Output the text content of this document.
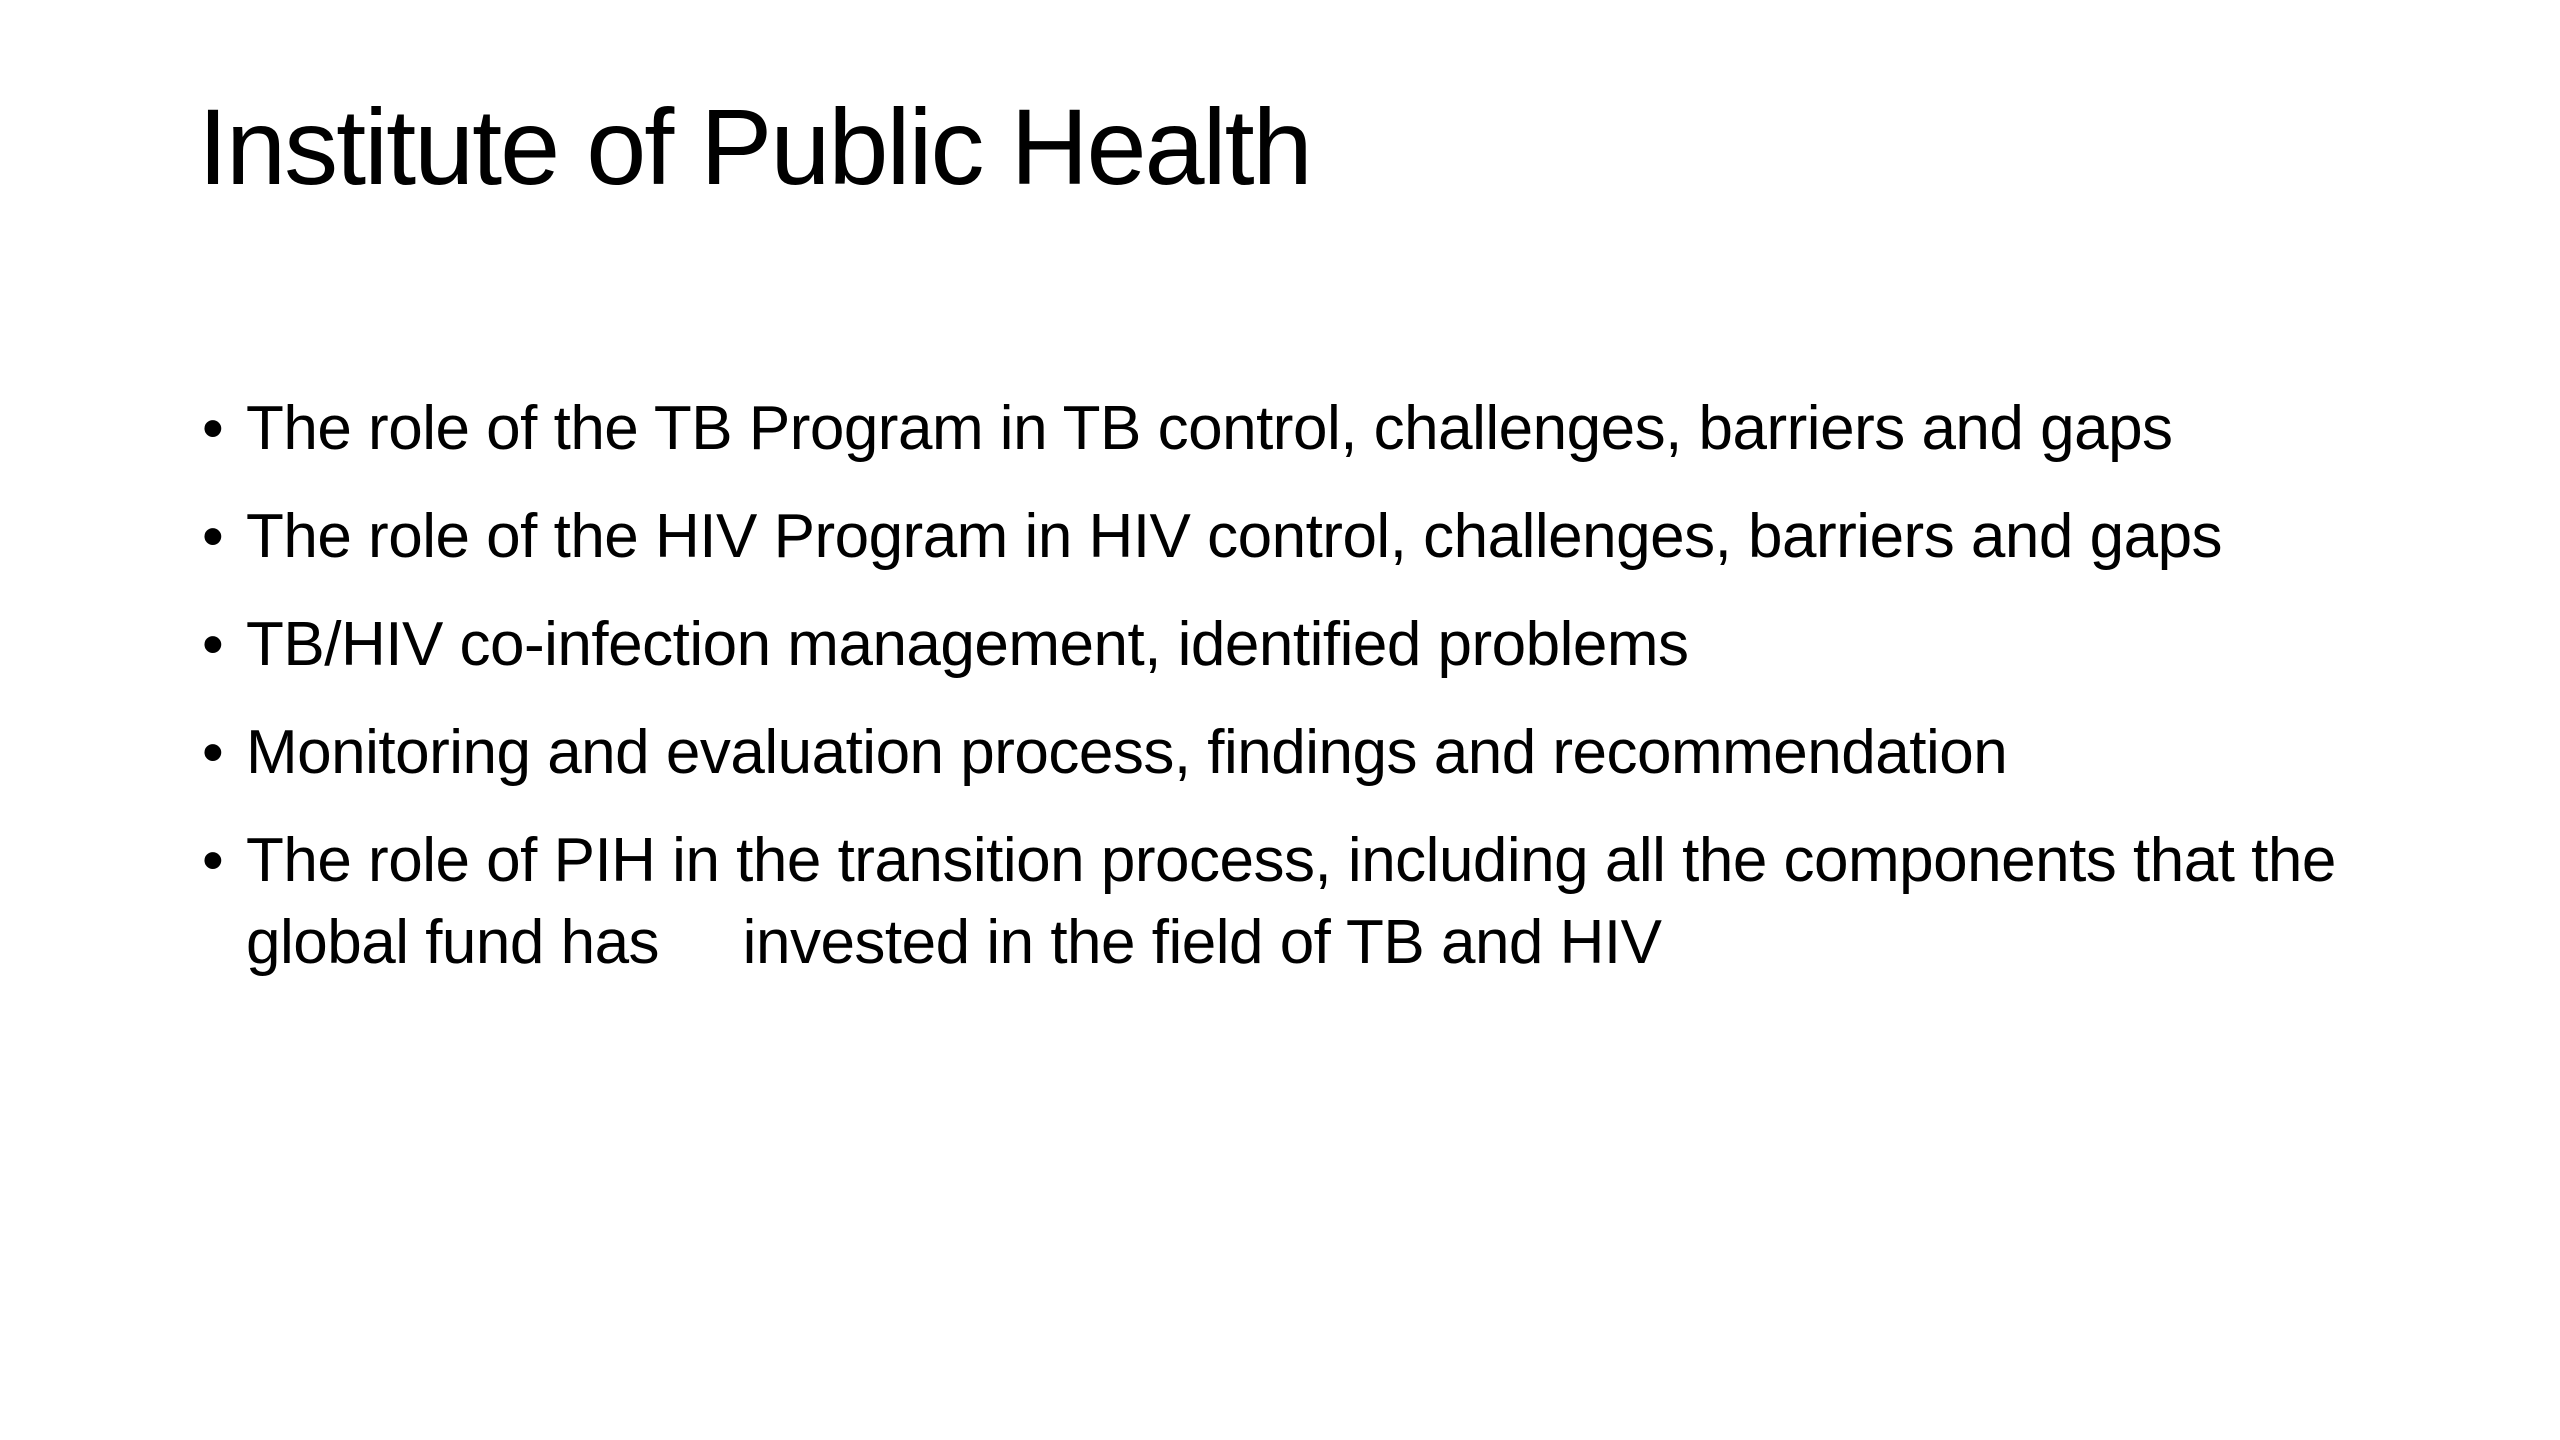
Institute of Public Health
• The role of the TB Program in TB control, challenges, barriers and gaps
• The role of the HIV Program in HIV control, challenges, barriers and gaps
• TB/HIV co-infection management, identified problems
• Monitoring and evaluation process, findings and recommendation
• The role of PIH in the transition process, including all the components that the global fund has     invested in the field of TB and HIV
